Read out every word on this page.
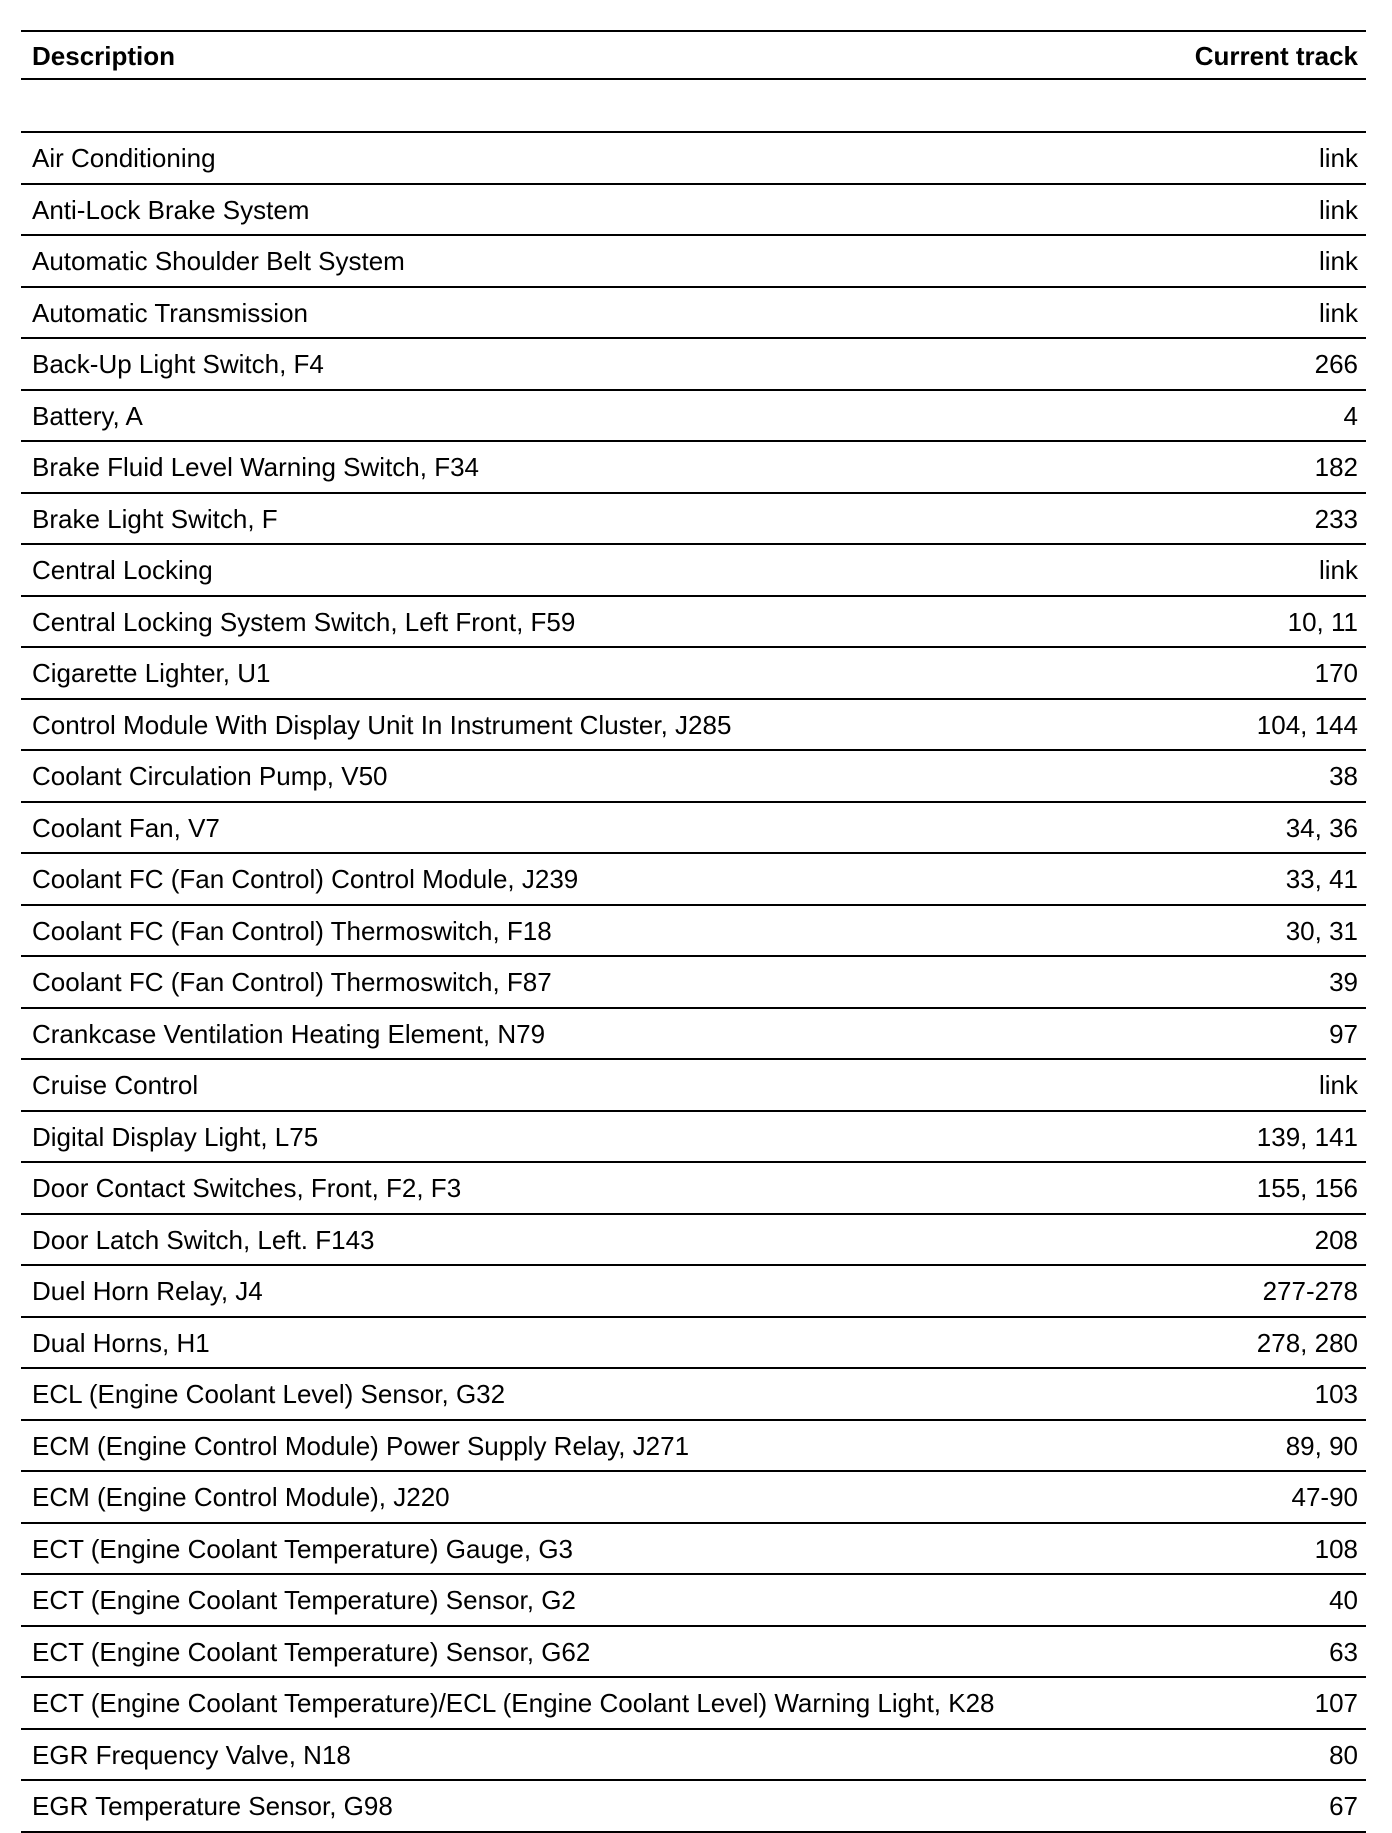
Description	Current track
Air Conditioning	link
Anti-Lock Brake System	link
Automatic Shoulder Belt System	link
Automatic Transmission	link
Back-Up Light Switch, F4	266
Battery, A	4
Brake Fluid Level Warning Switch, F34	182
Brake Light Switch, F	233
Central Locking	link
Central Locking System Switch, Left Front, F59	10, 11
Cigarette Lighter, U1	170
Control Module With Display Unit In Instrument Cluster, J285	104, 144
Coolant Circulation Pump, V50	38
Coolant Fan, V7	34, 36
Coolant FC (Fan Control) Control Module, J239	33, 41
Coolant FC (Fan Control) Thermoswitch, F18	30, 31
Coolant FC (Fan Control) Thermoswitch, F87	39
Crankcase Ventilation Heating Element, N79	97
Cruise Control	link
Digital Display Light, L75	139, 141
Door Contact Switches, Front, F2, F3	155, 156
Door Latch Switch, Left. F143	208
Duel Horn Relay, J4	277-278
Dual Horns, H1	278, 280
ECL (Engine Coolant Level) Sensor, G32	103
ECM (Engine Control Module) Power Supply Relay, J271	89, 90
ECM (Engine Control Module), J220	47-90
ECT (Engine Coolant Temperature) Gauge, G3	108
ECT (Engine Coolant Temperature) Sensor, G2	40
ECT (Engine Coolant Temperature) Sensor, G62	63
ECT (Engine Coolant Temperature)/ECL (Engine Coolant Level) Warning Light, K28	107
EGR Frequency Valve, N18	80
EGR Temperature Sensor, G98	67
